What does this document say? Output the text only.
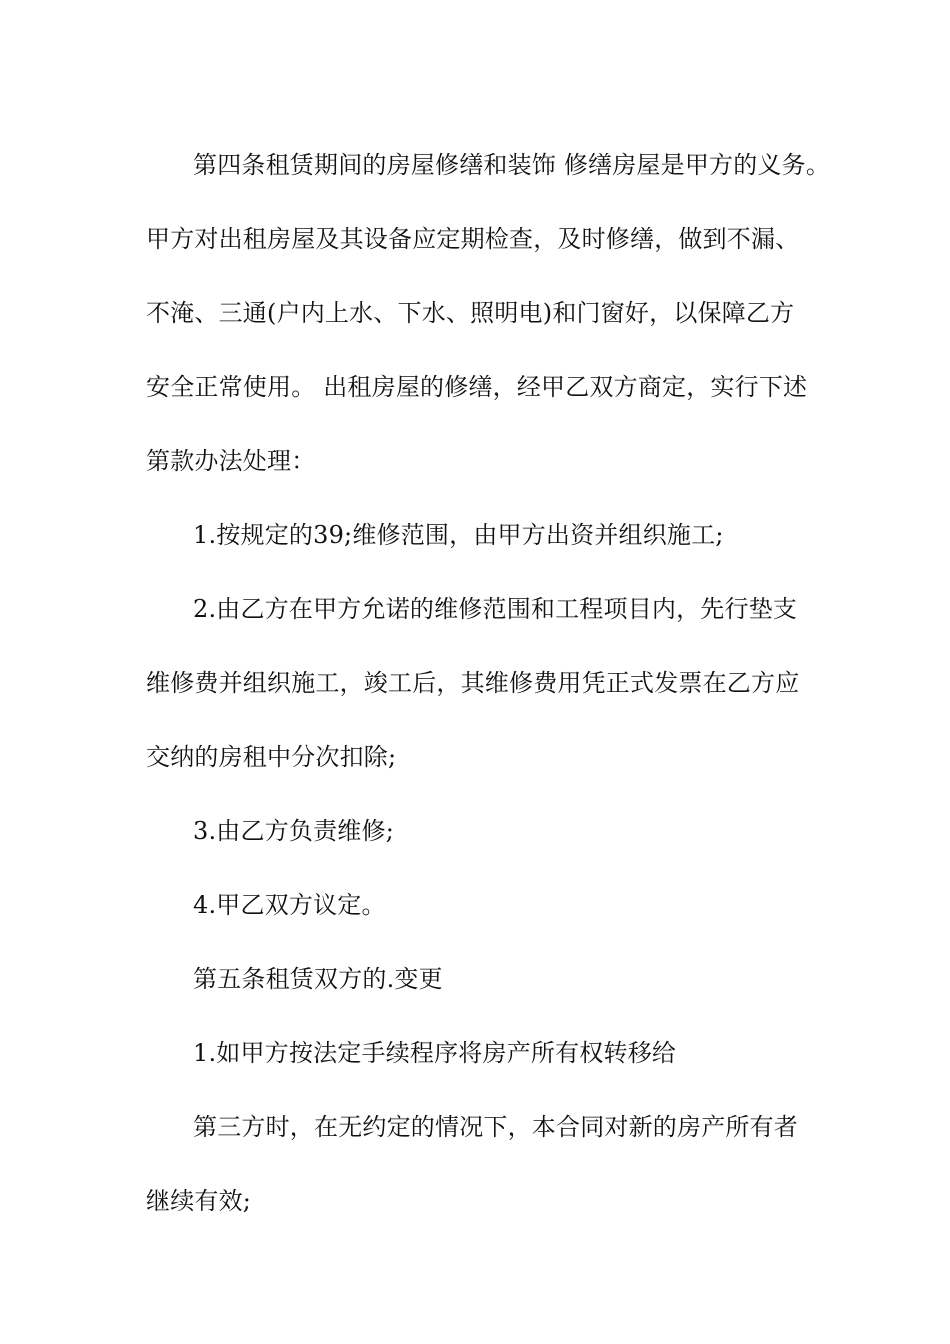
第四条租赁期间的房屋修缮和装饰 修缮房屋是甲方的义务。
甲方对出租房屋及其设备应定期检查，及时修缮，做到不漏、
不淹、三通(户内上水、下水、照明电)和门窗好，以保障乙方
安全正常使用。 出租房屋的修缮，经甲乙双方商定，实行下述
第款办法处理：
1.按规定的39;维修范围，由甲方出资并组织施工;
2.由乙方在甲方允诺的维修范围和工程项目内，先行垫支
维修费并组织施工，竣工后，其维修费用凭正式发票在乙方应
交纳的房租中分次扣除;
3.由乙方负责维修;
4.甲乙双方议定。
第五条租赁双方的.变更
1.如甲方按法定手续程序将房产所有权转移给
第三方时，在无约定的情况下，本合同对新的房产所有者
继续有效;
